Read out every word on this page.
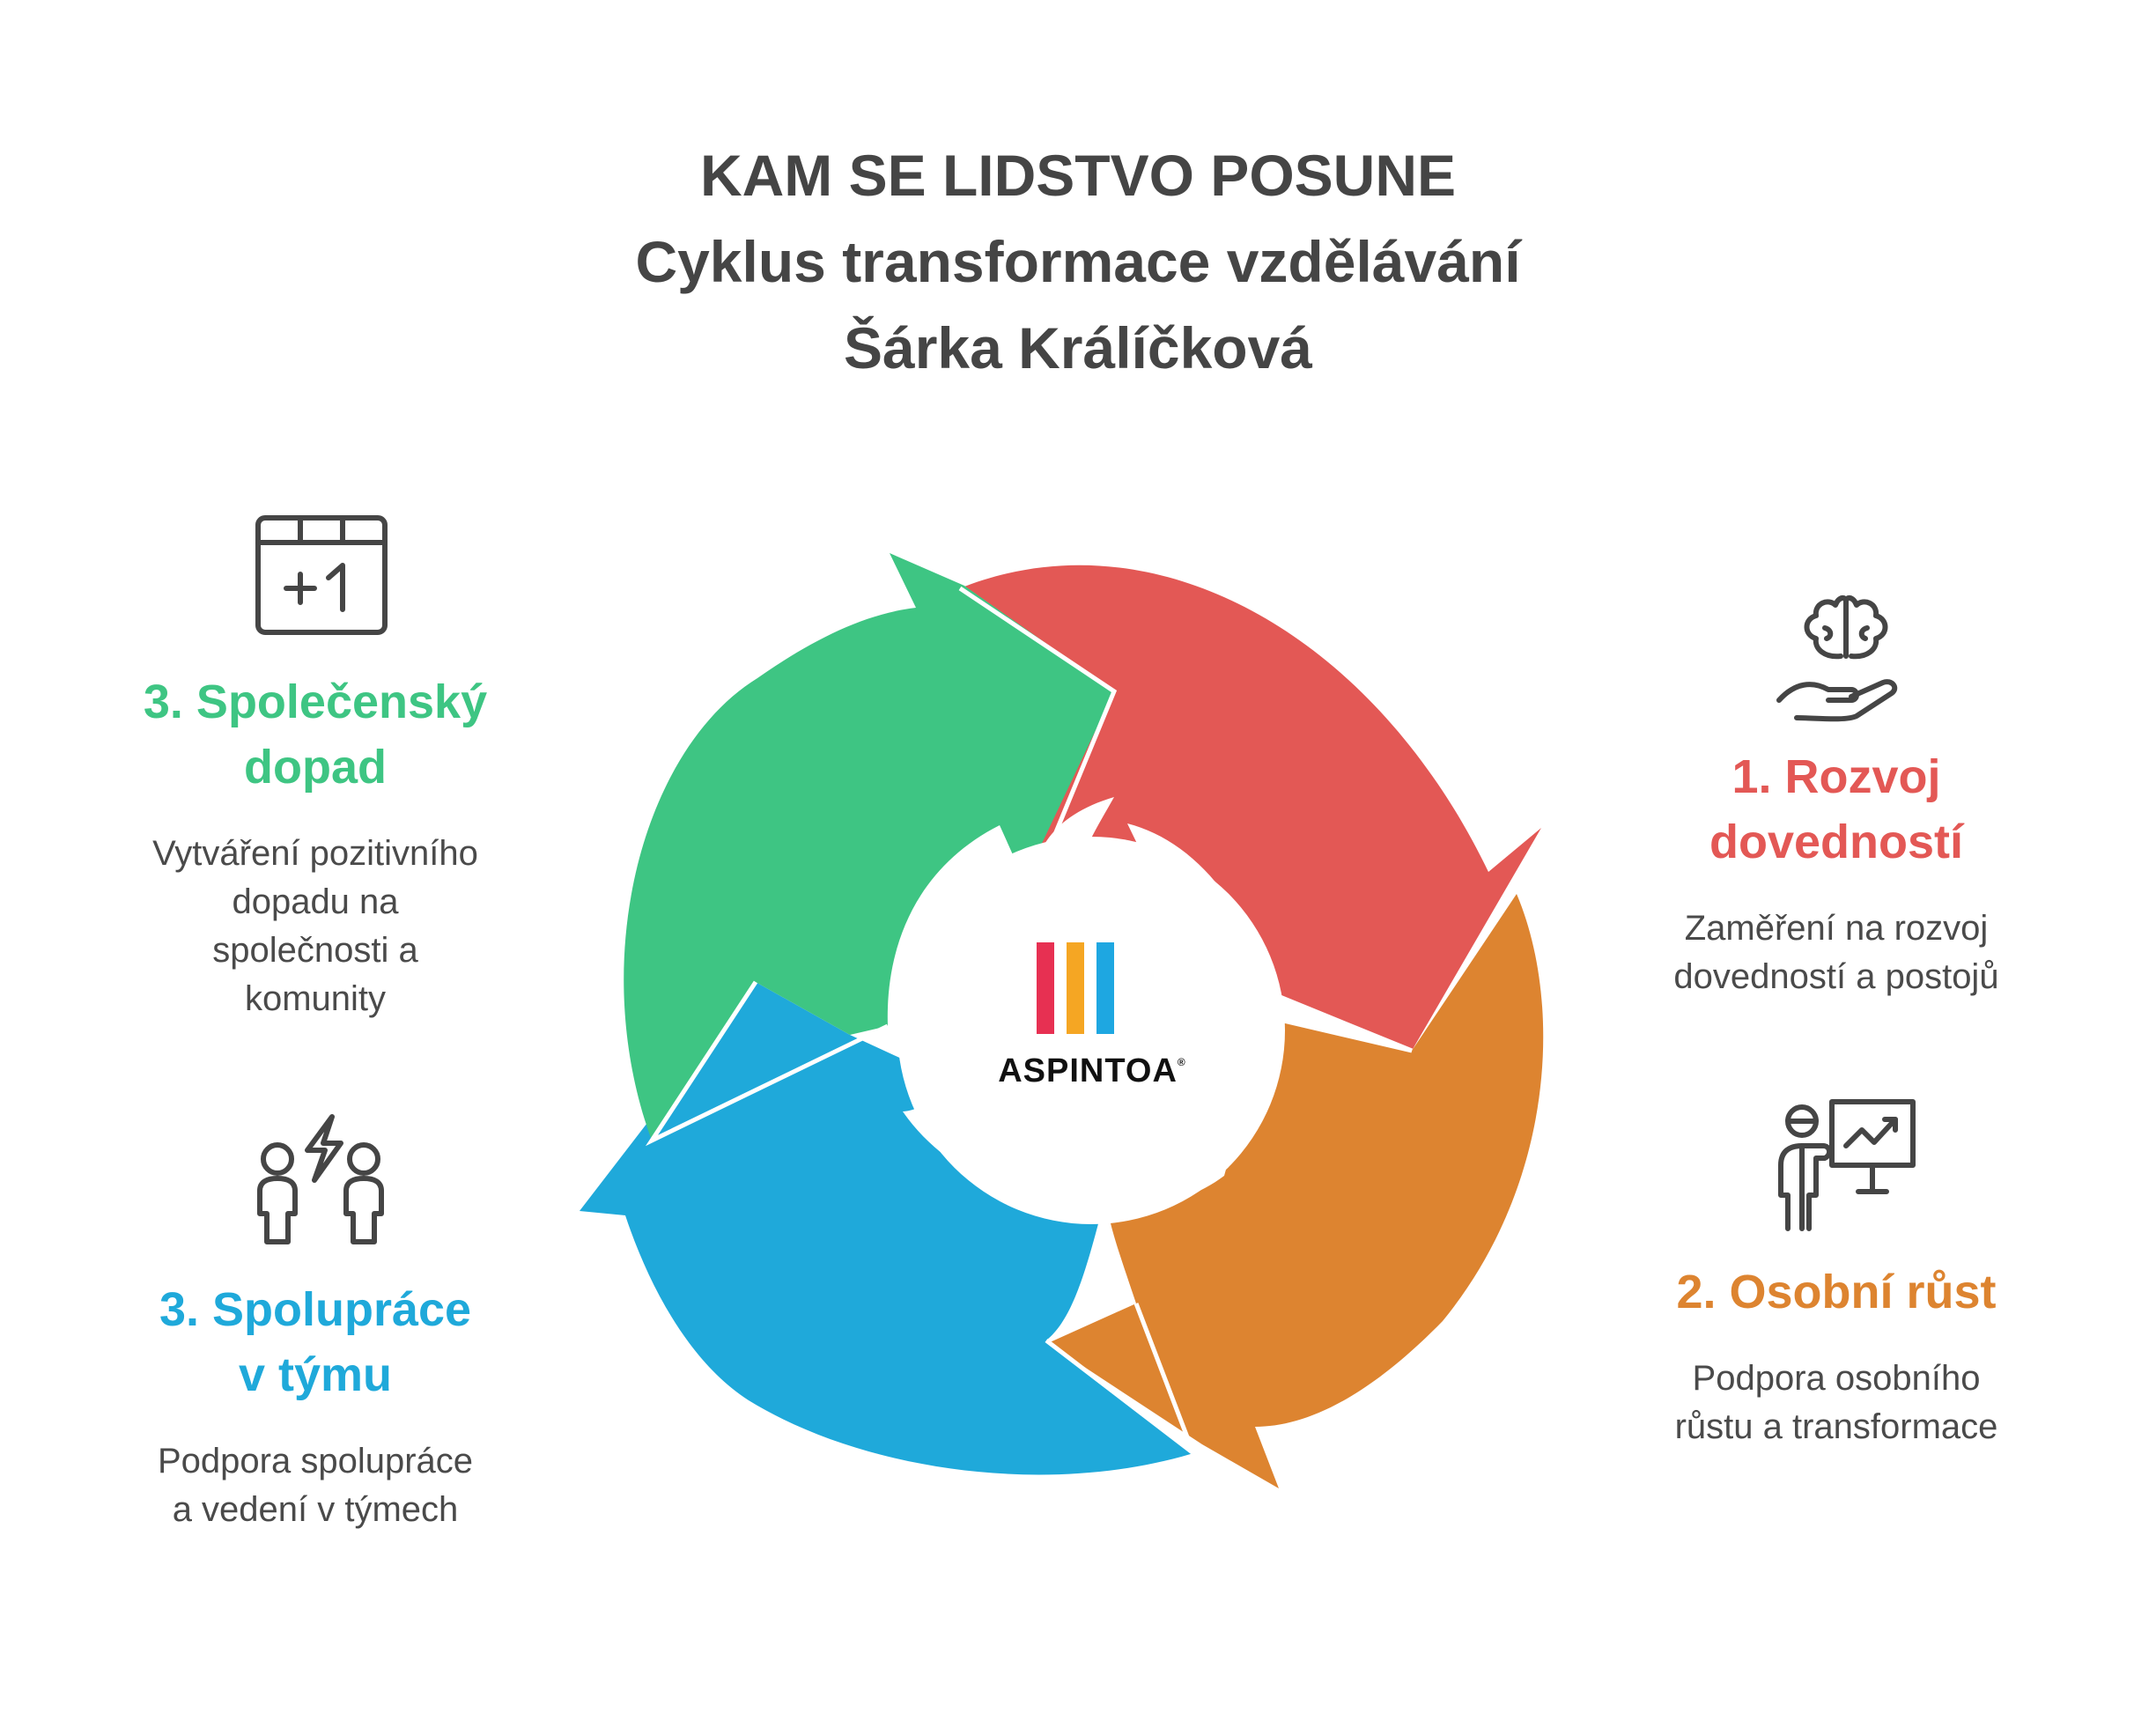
KAM SE LIDSTVO POSUNE
Cyklus transformace vzdělávání
Šárka Králíčková
ASPINTOA®
1. Rozvoj
dovedností
Zaměření na rozvoj
dovedností a postojů
2. Osobní růst
Podpora osobního
růstu a transformace
3. Spolupráce
v týmu
Podpora spolupráce
a vedení v týmech
3. Společenský
dopad
Vytváření pozitivního
dopadu na
společnosti a
komunity
